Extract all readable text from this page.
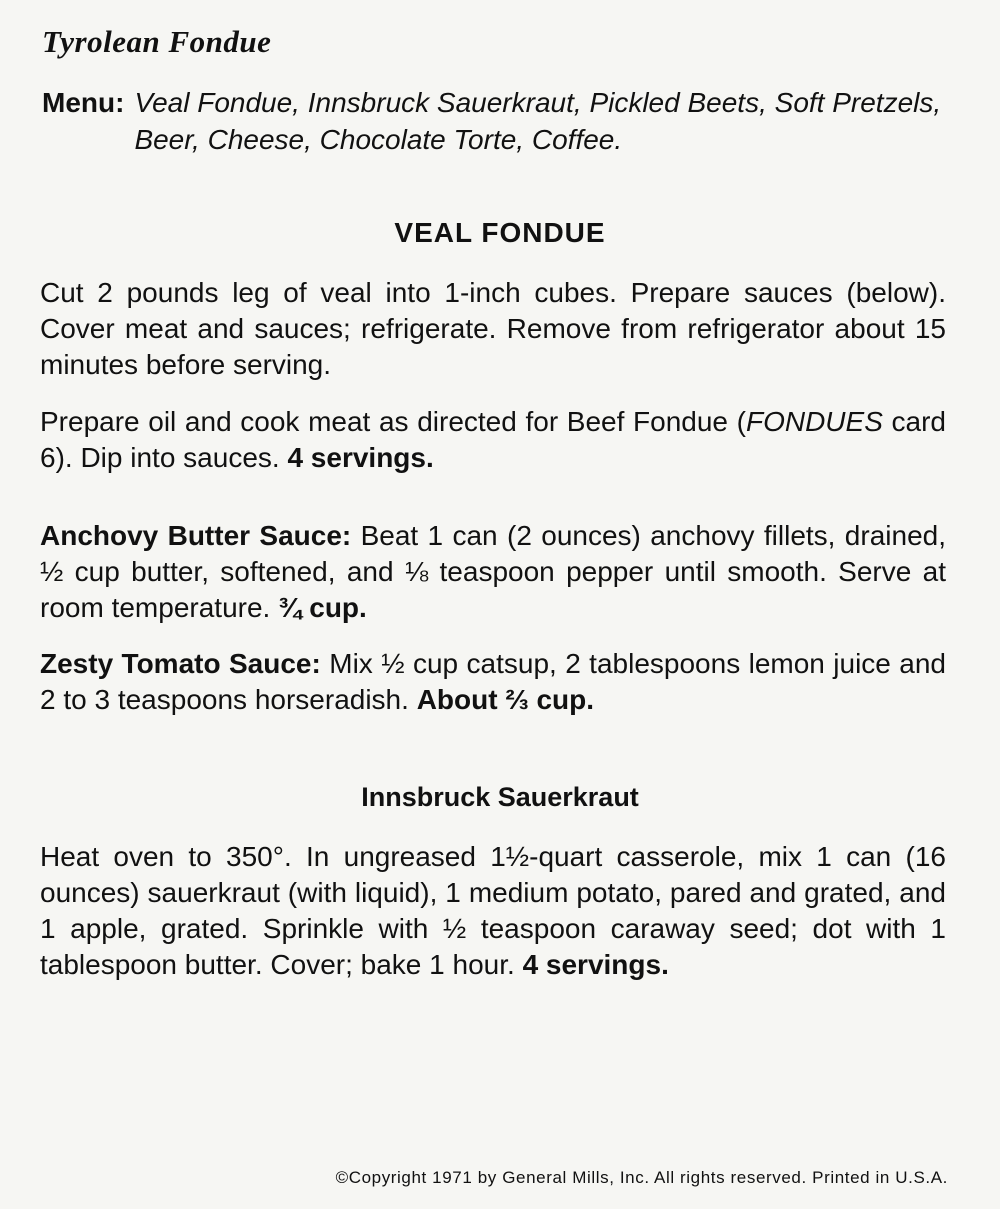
Tyrolean Fondue
Menu: Veal Fondue, Innsbruck Sauerkraut, Pickled Beets, Soft Pretzels, Beer, Cheese, Chocolate Torte, Coffee.
VEAL FONDUE
Cut 2 pounds leg of veal into 1-inch cubes. Prepare sauces (below). Cover meat and sauces; refrigerate. Remove from refrigerator about 15 minutes before serving.
Prepare oil and cook meat as directed for Beef Fondue (FONDUES card 6). Dip into sauces. 4 servings.
Anchovy Butter Sauce: Beat 1 can (2 ounces) anchovy fillets, drained, ½ cup butter, softened, and ⅛ teaspoon pepper until smooth. Serve at room temperature. ¾ cup.
Zesty Tomato Sauce: Mix ½ cup catsup, 2 tablespoons lemon juice and 2 to 3 teaspoons horseradish. About ⅔ cup.
Innsbruck Sauerkraut
Heat oven to 350°. In ungreased 1½-quart casserole, mix 1 can (16 ounces) sauerkraut (with liquid), 1 medium potato, pared and grated, and 1 apple, grated. Sprinkle with ½ teaspoon caraway seed; dot with 1 tablespoon butter. Cover; bake 1 hour. 4 servings.
©Copyright 1971 by General Mills, Inc. All rights reserved. Printed in U.S.A.
